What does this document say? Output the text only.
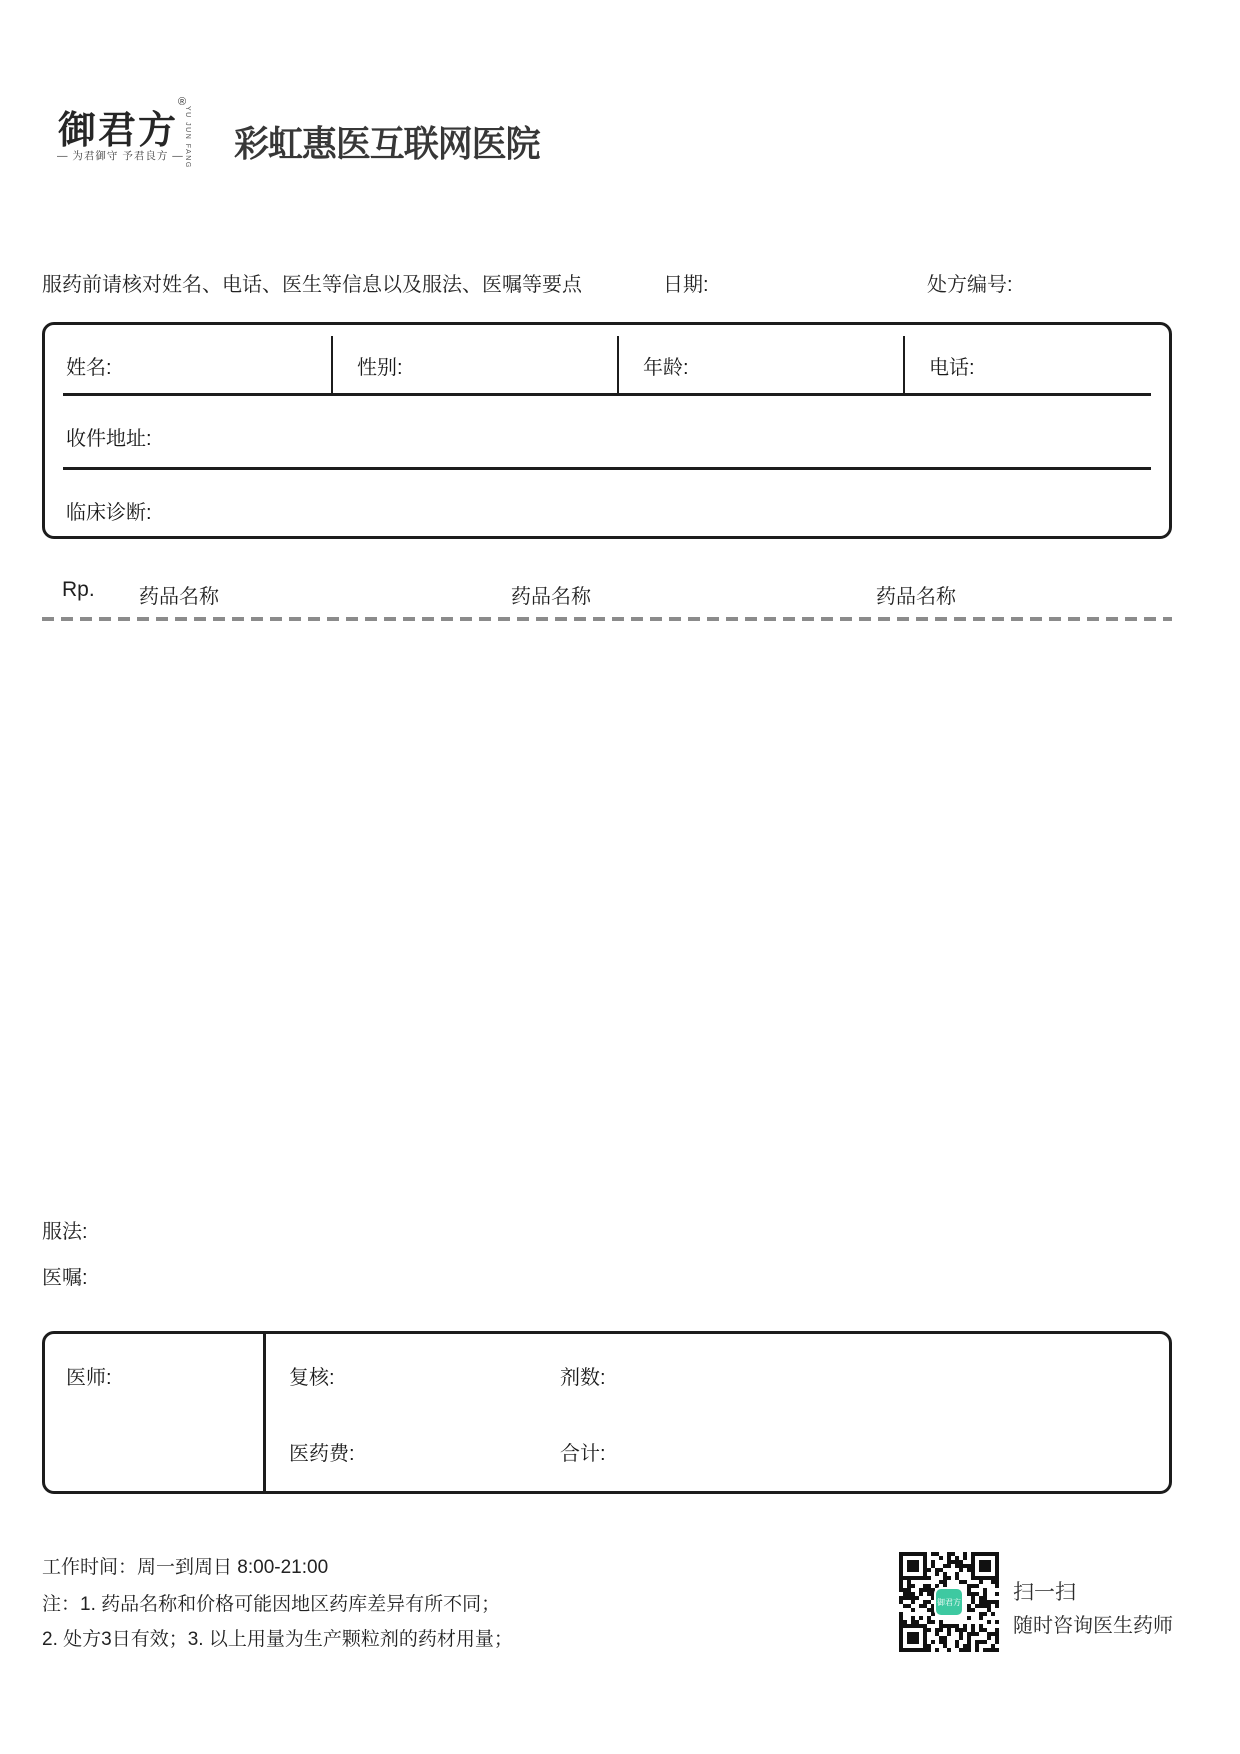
御君方
®
YU JUN FANG
— 为君御守 予君良方 — 彩虹惠医互联网医院
服药前请核对姓名、电话、医生等信息以及服法、医嘱等要点	日期:	处方编号:
姓名:	性别:	年龄:	电话:
收件地址:
临床诊断:
Rp. 药品名称	药品名称	药品名称
服法:
医嘱:
医师:	复核:	剂数:
医药费:	合计:
工作时间：周一到周日 8:00-21:00
注：1. 药品名称和价格可能因地区药库差异有所不同；
2. 处方3日有效；3. 以上用量为生产颗粒剂的药材用量；
御君方 扫一扫
随时咨询医生药师
